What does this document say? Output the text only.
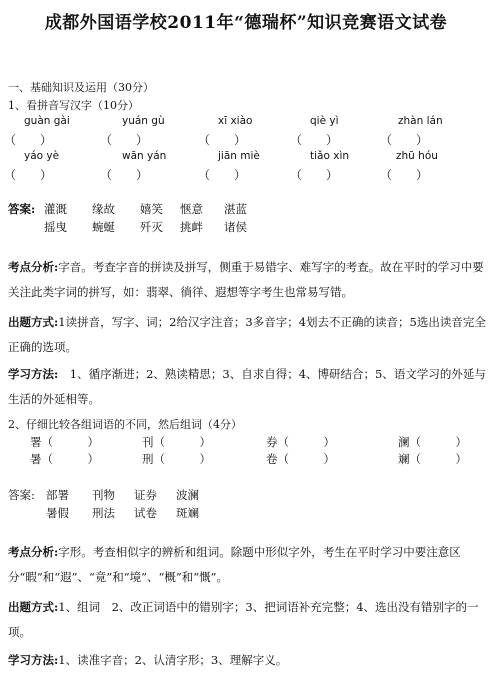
成都外国语学校2011年“德瑞杯”知识竞赛语文试卷
一、基础知识及运用（30分）
1、看拼音写汉字（10分）
guàn gài	yuán gù	xī xiào	qiè yì	zhàn lán
（　　）	（　　）	（　　）	（　　）	（　　）
yáo yè	wān yán	jiān miè	tiǎo xìn	zhū hóu
（　　）	（　　）	（　　）	（　　）	（　　）
答案: 灌溉 缘故 嬉笑 惬意 湛蓝
摇曳 蜿蜒 歼灭 挑衅 诸侯
考点分析:字音。考查字音的拼读及拼写，侧重于易错字、难写字的考查。故在平时的学习中要关注此类字词的拼写，如：翡翠、徜徉、遐想等字考生也常易写错。
出题方式:1读拼音，写字、词；2给汉字注音；3多音字；4划去不正确的读音；5选出读音完全正确的选项。
学习方法:　1、循序渐进；2、熟读精思；3、自求自得；4、博研结合；5、语文学习的外延与生活的外延相等。
2、仔细比较各组词语的不同，然后组词（4分）
署（　　　）	刊（　　　）	券（　　　）	澜（　　　）
暑（　　　）	刑（　　　）	卷（　　　）	斓（　　　）
答案: 部署 刊物 证券 波澜
暑假 刑法 试卷 斑斓
考点分析:字形。考查相似字的辨析和组词。除题中形似字外，考生在平时学习中要注意区分“暇”和“遐”、“竟”和“境”、“概”和“慨”。
出题方式:1、组词　2、改正词语中的错别字；3、把词语补充完整；4、选出没有错别字的一项。
学习方法:1、读准字音；2、认清字形；3、理解字义。
